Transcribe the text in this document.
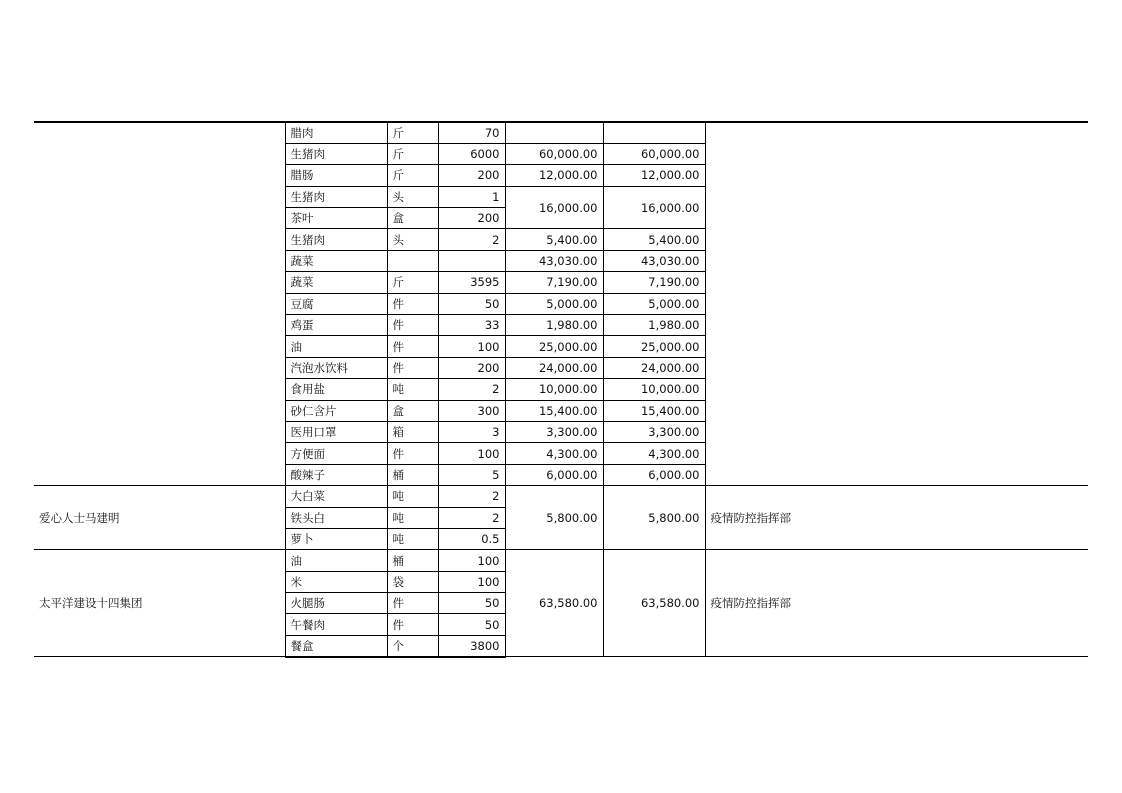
	腊肉	斤	70			
	生猪肉	斤	6000	60,000.00	60,000.00	
	腊肠	斤	200	12,000.00	12,000.00	
	生猪肉	头	1	16,000.00	16,000.00	
	茶叶	盒	200			
	生猪肉	头	2	5,400.00	5,400.00	
	蔬菜			43,030.00	43,030.00	
	蔬菜	斤	3595	7,190.00	7,190.00	
	豆腐	件	50	5,000.00	5,000.00	
	鸡蛋	件	33	1,980.00	1,980.00	
	油	件	100	25,000.00	25,000.00	
	汽泡水饮料	件	200	24,000.00	24,000.00	
	食用盐	吨	2	10,000.00	10,000.00	
	砂仁含片	盒	300	15,400.00	15,400.00	
	医用口罩	箱	3	3,300.00	3,300.00	
	方便面	件	100	4,300.00	4,300.00	
	酸辣子	桶	5	6,000.00	6,000.00	
爱心人士马建明	大白菜	吨	2	5,800.00	5,800.00	疫情防控指挥部
	铁头白	吨	2			
	萝卜	吨	0.5			
太平洋建设十四集团	油	桶	100	63,580.00	63,580.00	疫情防控指挥部
	米	袋	100			
	火腿肠	件	50			
	午餐肉	件	50			
	餐盒	个	3800			
